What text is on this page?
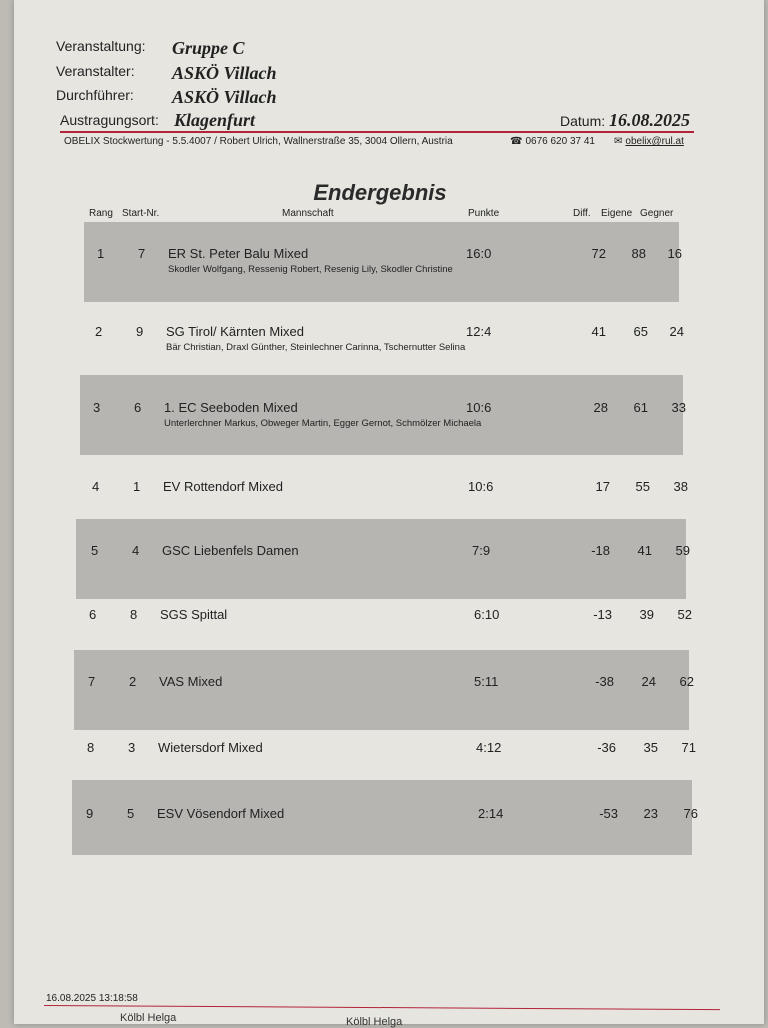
Veranstaltung: Gruppe C
Veranstalter: ASKÖ Villach
Durchführer: ASKÖ Villach
Austragungsort: Klagenfurt	Datum: 16.08.2025
OBELIX Stockwertung - 5.5.4007 / Robert Ulrich, Wallnerstraße 35, 3004 Ollern, Austria	☎ 0676 620 37 41 ✉ obelix@rul.at
Endergebnis
Rang Start-Nr.	Mannschaft	Punkte	Diff. Eigene Gegner
16.08.2025 13:18:58
Kölbl Helga	Kölbl Helga
1	7 ER St. Peter Balu Mixed	16:0	72	88	16
Skodler Wolfgang, Ressenig Robert, Resenig Lily, Skodler Christine
2	9 SG Tirol/ Kärnten Mixed	12:4	41	65	24
Bär Christian, Draxl Günther, Steinlechner Carinna, Tschernutter Selina
3	6 1. EC Seeboden Mixed	10:6	28	61	33
Unterlerchner Markus, Obweger Martin, Egger Gernot, Schmölzer Michaela
4	1 EV Rottendorf Mixed	10:6	17	55	38
5	4 GSC Liebenfels Damen	7:9	-18	41	59
6	8 SGS Spittal	6:10	-13	39	52
7	2 VAS Mixed	5:11	-38	24	62
8	3 Wietersdorf Mixed	4:12	-36	35	71
9	5 ESV Vösendorf Mixed	2:14	-53	23	76
